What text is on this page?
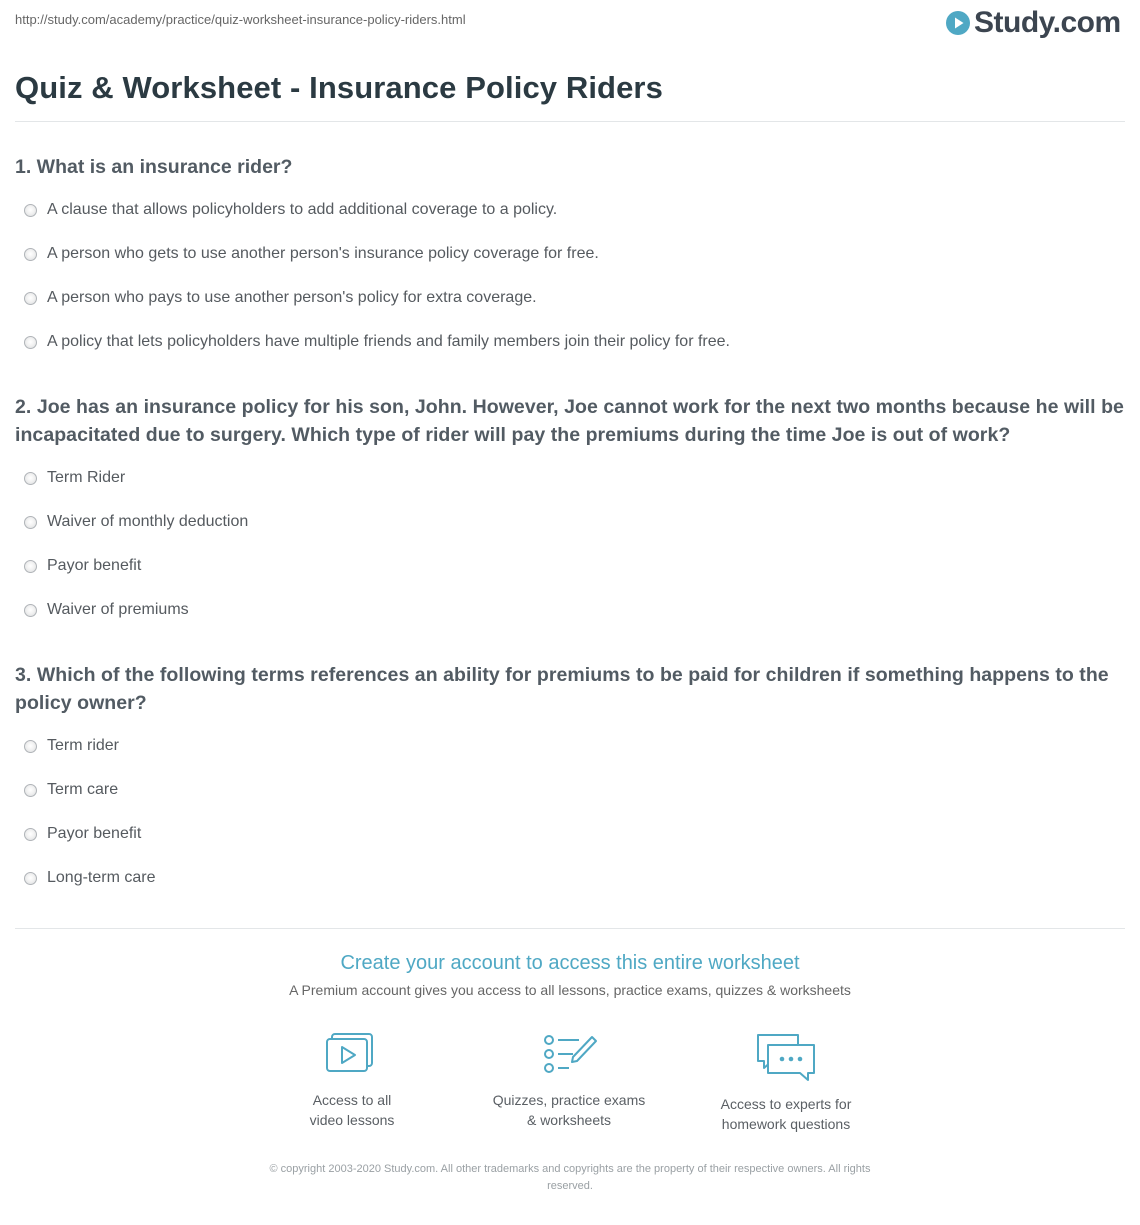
http://study.com/academy/practice/quiz-worksheet-insurance-policy-riders.html	Study.com
Quiz & Worksheet - Insurance Policy Riders
1. What is an insurance rider?
A clause that allows policyholders to add additional coverage to a policy.
A person who gets to use another person's insurance policy coverage for free.
A person who pays to use another person's policy for extra coverage.
A policy that lets policyholders have multiple friends and family members join their policy for free.
2. Joe has an insurance policy for his son, John. However, Joe cannot work for the next two months because he will be incapacitated due to surgery. Which type of rider will pay the premiums during the time Joe is out of work?
Term Rider
Waiver of monthly deduction
Payor benefit
Waiver of premiums
3. Which of the following terms references an ability for premiums to be paid for children if something happens to the policy owner?
Term rider
Term care
Payor benefit
Long-term care
Create your account to access this entire worksheet
A Premium account gives you access to all lessons, practice exams, quizzes & worksheets
Access to all
video lessons
Quizzes, practice exams
& worksheets
Access to experts for
homework questions
© copyright 2003-2020 Study.com. All other trademarks and copyrights are the property of their respective owners. All rights
reserved.
